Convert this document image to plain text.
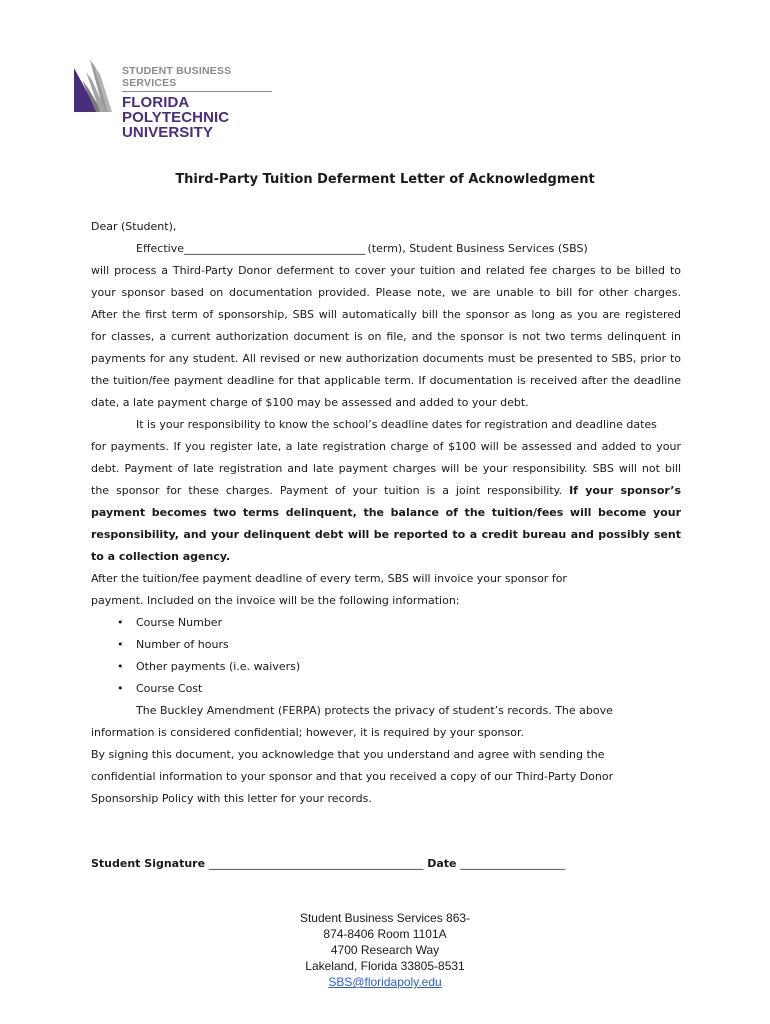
STUDENT BUSINESS SERVICES
FLORIDA POLYTECHNIC
UNIVERSITY
Third-Party Tuition Deferment Letter of Acknowledgment
Dear (Student),
Effective_________________________________ (term), Student Business Services (SBS)
will process a Third-Party Donor deferment to cover your tuition and related fee charges to be billed to
your sponsor based on documentation provided. Please note, we are unable to bill for other charges.
After the first term of sponsorship, SBS will automatically bill the sponsor as long as you are registered
for classes, a current authorization document is on file, and the sponsor is not two terms delinquent in
payments for any student. All revised or new authorization documents must be presented to SBS, prior to
the tuition/fee payment deadline for that applicable term. If documentation is received after the deadline
date, a late payment charge of $100 may be assessed and added to your debt.
It is your responsibility to know the school’s deadline dates for registration and deadline dates
for payments. If you register late, a late registration charge of $100 will be assessed and added to your
debt. Payment of late registration and late payment charges will be your responsibility. SBS will not bill
the sponsor for these charges. Payment of your tuition is a joint responsibility. If your sponsor’s
payment becomes two terms delinquent, the balance of the tuition/fees will become your
responsibility, and your delinquent debt will be reported to a credit bureau and possibly sent
to a collection agency.
After the tuition/fee payment deadline of every term, SBS will invoice your sponsor for
payment. Included on the invoice will be the following information:
• Course Number
• Number of hours
• Other payments (i.e. waivers)
• Course Cost
The Buckley Amendment (FERPA) protects the privacy of student’s records. The above
information is considered confidential; however, it is required by your sponsor.
By signing this document, you acknowledge that you understand and agree with sending the
confidential information to your sponsor and that you received a copy of our Third-Party Donor
Sponsorship Policy with this letter for your records.
Student Signature _______________________________________ Date ___________________
Student Business Services 863-
874-8406 Room 1101A
4700 Research Way
Lakeland, Florida 33805-8531
SBS@floridapoly.edu
